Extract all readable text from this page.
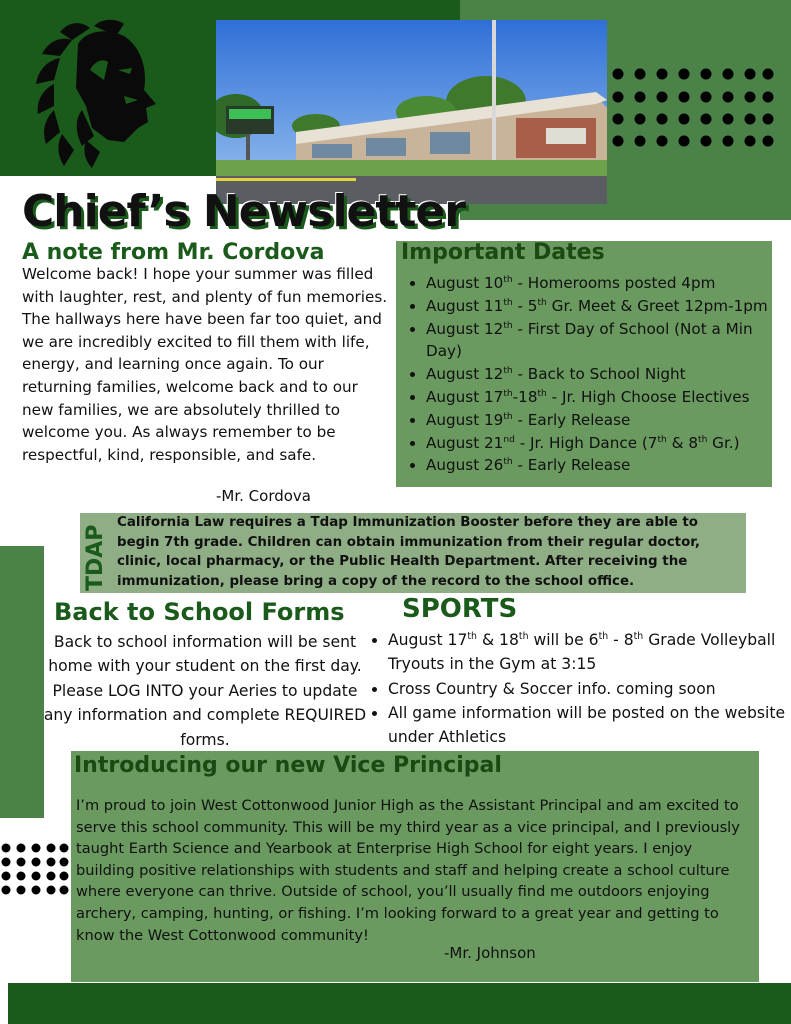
Chief’s Newsletter
A note from Mr. Cordova
Welcome back! I hope your summer was filled with laughter, rest, and plenty of fun memories. The hallways here have been far too quiet, and we are incredibly excited to fill them with life, energy, and learning once again. To our returning families, welcome back and to our new families, we are absolutely thrilled to welcome you. As always remember to be respectful, kind, responsible, and safe.
-Mr. Cordova
Important Dates
• August 10th - Homerooms posted 4pm
• August 11th - 5th Gr. Meet & Greet 12pm-1pm
• August 12th - First Day of School (Not a Min Day)
• August 12th - Back to School Night
• August 17th-18th - Jr. High Choose Electives
• August 19th - Early Release
• August 21nd - Jr. High Dance (7th & 8th Gr.)
• August 26th - Early Release
TDAP
California Law requires a Tdap Immunization Booster before they are able to begin 7th grade. Children can obtain immunization from their regular doctor, clinic, local pharmacy, or the Public Health Department. After receiving the immunization, please bring a copy of the record to the school office.
Back to School Forms
Back to school information will be sent home with your student on the first day. Please LOG INTO your Aeries to update any information and complete REQUIRED forms.
SPORTS
• August 17th & 18th will be 6th - 8th Grade Volleyball Tryouts in the Gym at 3:15
• Cross Country & Soccer info. coming soon
• All game information will be posted on the website under Athletics
Introducing our new Vice Principal
I’m proud to join West Cottonwood Junior High as the Assistant Principal and am excited to serve this school community. This will be my third year as a vice principal, and I previously taught Earth Science and Yearbook at Enterprise High School for eight years. I enjoy building positive relationships with students and staff and helping create a school culture where everyone can thrive. Outside of school, you’ll usually find me outdoors enjoying archery, camping, hunting, or fishing. I’m looking forward to a great year and getting to know the West Cottonwood community!
-Mr. Johnson
